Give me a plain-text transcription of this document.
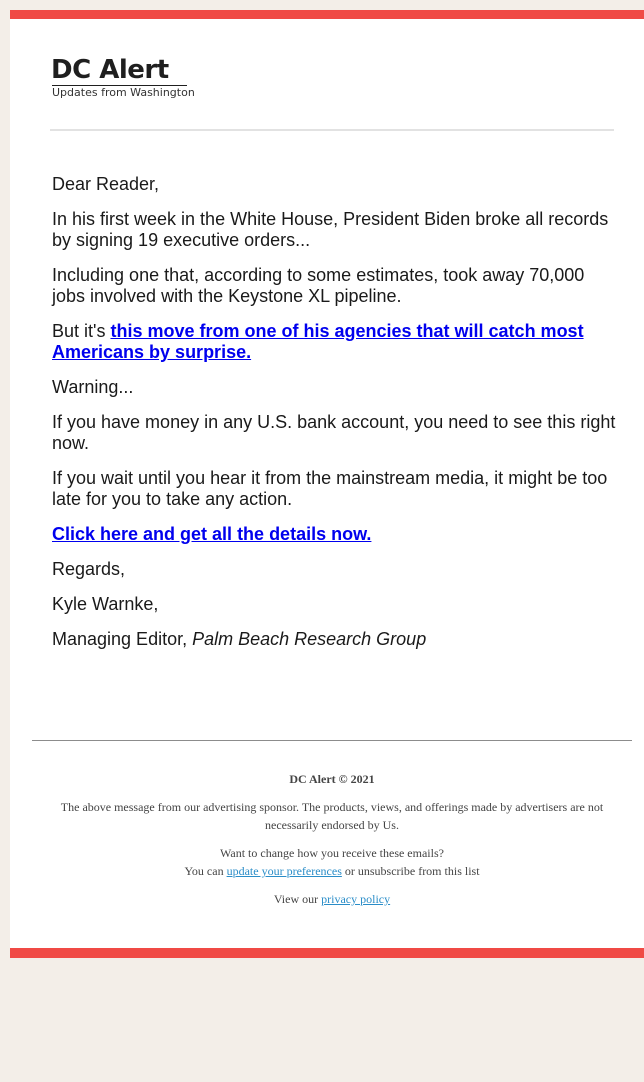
DC Alert
Updates from Washington

Dear Reader,

In his first week in the White House, President Biden broke all records by signing 19 executive orders...

Including one that, according to some estimates, took away 70,000 jobs involved with the Keystone XL pipeline.

But it's this move from one of his agencies that will catch most Americans by surprise.

Warning...

If you have money in any U.S. bank account, you need to see this right now.

If you wait until you hear it from the mainstream media, it might be too late for you to take any action.

Click here and get all the details now.

Regards,

Kyle Warnke,

Managing Editor, Palm Beach Research Group

DC Alert © 2021

The above message from our advertising sponsor. The products, views, and offerings made by advertisers are not necessarily endorsed by Us.

Want to change how you receive these emails?
You can update your preferences or unsubscribe from this list

View our privacy policy
